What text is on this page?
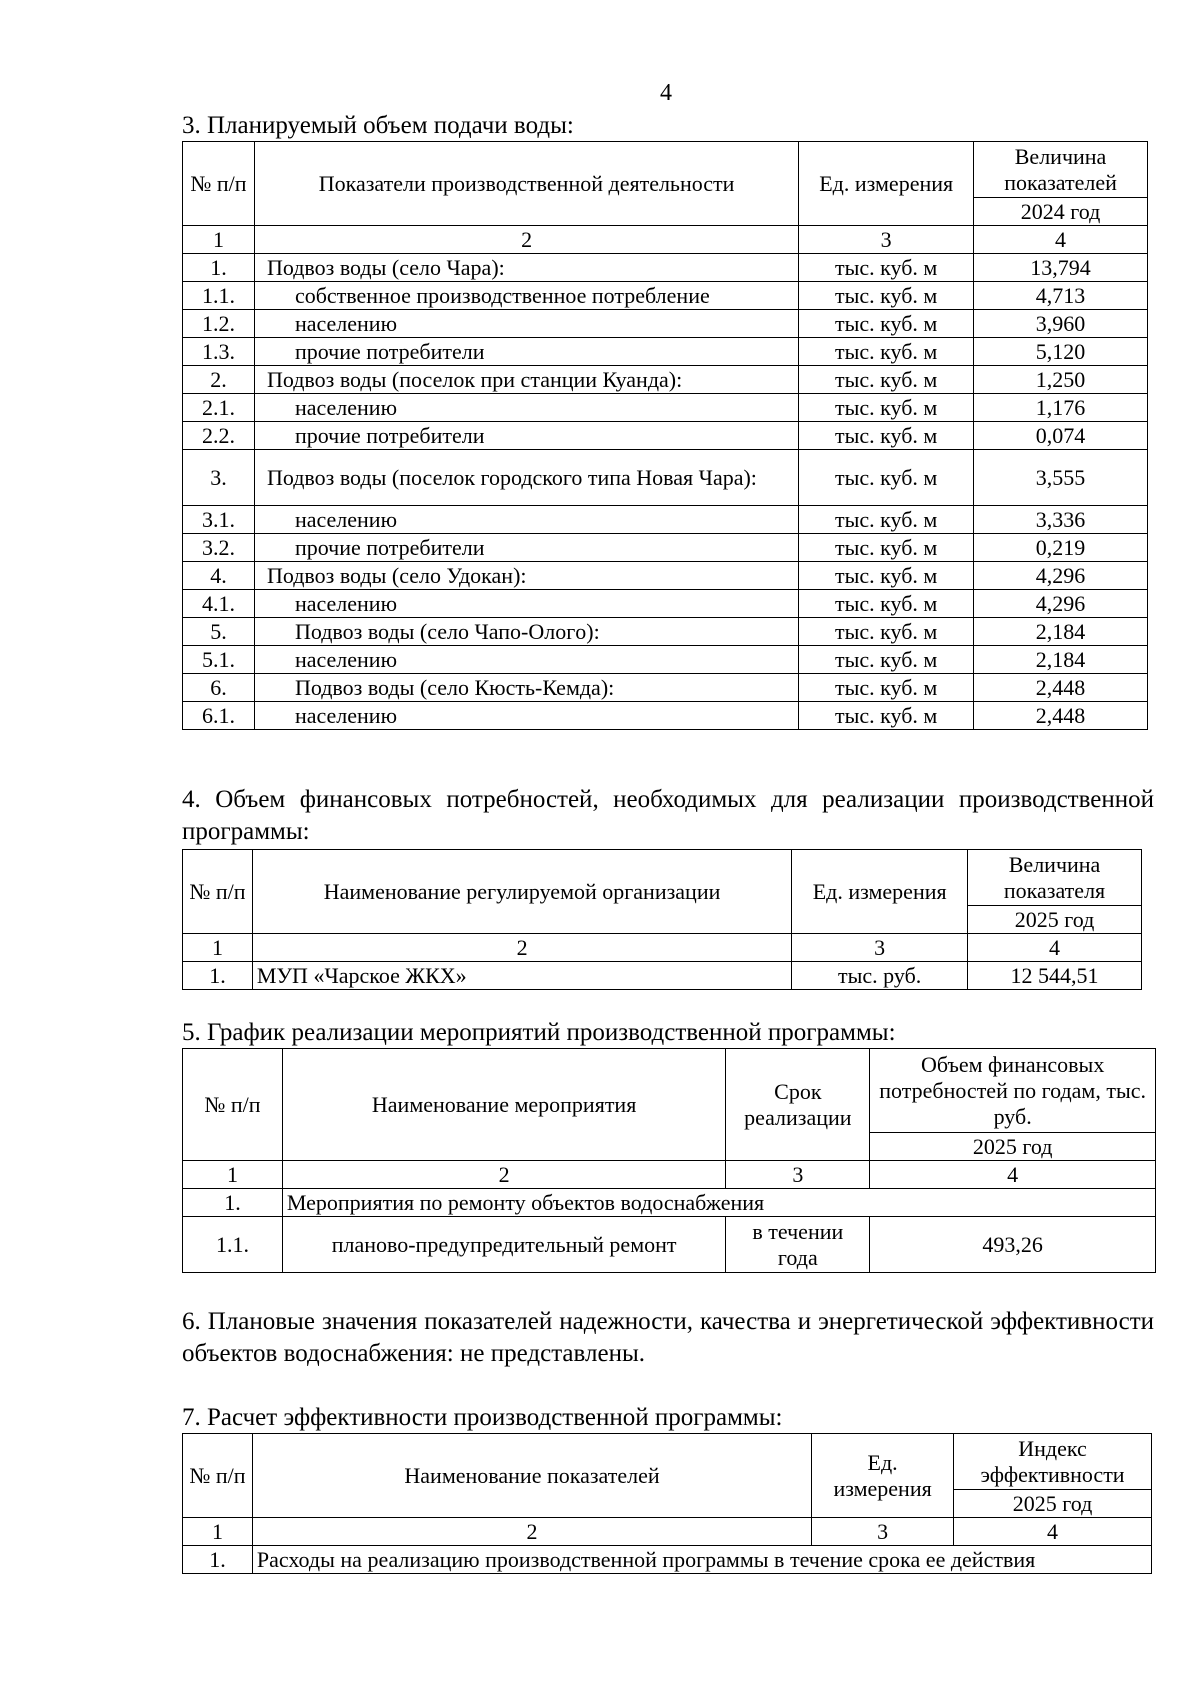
4
3. Планируемый объем подачи воды:
№ п/п	Показатели производственной деятельности	Ед. измерения	Величина показателей
			2024 год
1	2	3	4
1.	Подвоз воды (село Чара):	тыс. куб. м	13,794
1.1.	собственное производственное потребление	тыс. куб. м	4,713
1.2.	населению	тыс. куб. м	3,960
1.3.	прочие потребители	тыс. куб. м	5,120
2.	Подвоз воды (поселок при станции Куанда):	тыс. куб. м	1,250
2.1.	населению	тыс. куб. м	1,176
2.2.	прочие потребители	тыс. куб. м	0,074
3.	Подвоз воды (поселок городского типа Новая Чара):	тыс. куб. м	3,555
3.1.	населению	тыс. куб. м	3,336
3.2.	прочие потребители	тыс. куб. м	0,219
4.	Подвоз воды (село Удокан):	тыс. куб. м	4,296
4.1.	населению	тыс. куб. м	4,296
5.	Подвоз воды (село Чапо-Ологo):	тыс. куб. м	2,184
5.1.	населению	тыс. куб. м	2,184
6.	Подвоз воды (село Кюсть-Кемда):	тыс. куб. м	2,448
6.1.	населению	тыс. куб. м	2,448
4. Объем финансовых потребностей, необходимых для реализации производственной программы:
№ п/п	Наименование регулируемой организации	Ед. измерения	Величина показателя
			2025 год
1	2	3	4
1.	МУП «Чарское ЖКХ»	тыс. руб.	12 544,51
5. График реализации мероприятий производственной программы:
№ п/п	Наименование мероприятия	Срок реализации	Объем финансовых потребностей по годам, тыс. руб.
			2025 год
1	2	3	4
1.	Мероприятия по ремонту объектов водоснабжения		
1.1.	планово-предупредительный ремонт	в течении года	493,26
6. Плановые значения показателей надежности, качества и энергетической эффективности объектов водоснабжения: не представлены.
7. Расчет эффективности производственной программы:
№ п/п	Наименование показателей	Ед. измерения	Индекс эффективности
			2025 год
1	2	3	4
1.	Расходы на реализацию производственной программы в течение срока ее действия		
